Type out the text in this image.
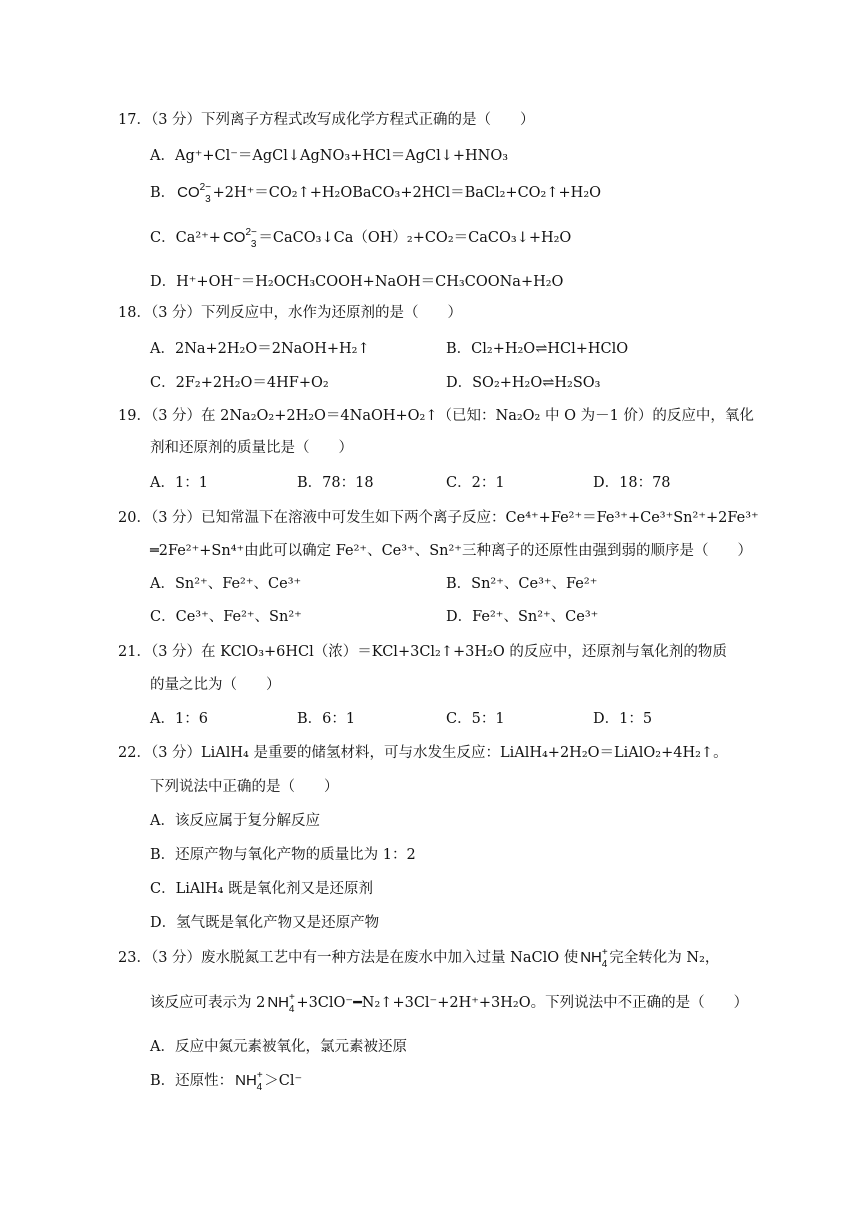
17．（3 分）下列离子方程式改写成化学方程式正确的是（　　）
A．Ag⁺+Cl⁻＝AgCl↓AgNO₃+HCl＝AgCl↓+HNO₃
B． $CO^{2-}_3$ +2H⁺＝CO₂↑+H₂OBaCO₃+2HCl＝BaCl₂+CO₂↑+H₂O
C．$Ca^{2+}+ CO^{2-}_3$ ＝CaCO₃↓Ca（OH）₂+CO₂＝CaCO₃↓+H₂O
D．H⁺+OH⁻＝H₂OCH₃COOH+NaOH＝CH₃COONa+H₂O
18．（3 分）下列反应中，水作为还原剂的是（　　）
A．2Na+2H₂O＝2NaOH+H₂↑	B．Cl₂+H₂O⇌HCl+HClO
C．2F₂+2H₂O＝4HF+O₂	D．SO₂+H₂O⇌H₂SO₃
19．（3 分）在 2Na₂O₂+2H₂O＝4NaOH+O₂↑（已知：Na₂O₂ 中 O 为－1 价）的反应中，氧化
剂和还原剂的质量比是（　　）
A．1：1	B．78：18	C．2：1	D．18：78
20．（3 分）已知常温下在溶液中可发生如下两个离子反应：Ce⁴⁺+Fe²⁺＝Fe³⁺+Ce³⁺Sn²⁺+2Fe³⁺
═2Fe²⁺+Sn⁴⁺由此可以确定 Fe²⁺、Ce³⁺、Sn²⁺三种离子的还原性由强到弱的顺序是（　　）
A．Sn²⁺、Fe²⁺、Ce³⁺	B．Sn²⁺、Ce³⁺、Fe²⁺
C．Ce³⁺、Fe²⁺、Sn²⁺	D．Fe²⁺、Sn²⁺、Ce³⁺
21．（3 分）在 KClO₃+6HCl（浓）＝KCl+3Cl₂↑+3H₂O 的反应中，还原剂与氧化剂的物质
的量之比为（　　）
A．1：6	B．6：1	C．5：1	D．1：5
22．（3 分）LiAlH₄ 是重要的储氢材料，可与水发生反应：LiAlH₄+2H₂O＝LiAlO₂+4H₂↑。
下列说法中正确的是（　　）
A．该反应属于复分解反应
B．还原产物与氧化产物的质量比为 1：2
C．LiAlH₄ 既是氧化剂又是还原剂
D．氢气既是氧化产物又是还原产物
23．（3 分）废水脱氮工艺中有一种方法是在废水中加入过量 NaClO 使 $NH^+_4$ 完全转化为 N₂，
该反应可表示为 2 $NH^+_4$ +3ClO⁻━N₂↑+3Cl⁻+2H⁺+3H₂O。下列说法中不正确的是（　　）
A．反应中氮元素被氧化，氯元素被还原
B．还原性： $NH^+_4 >Cl^-$
